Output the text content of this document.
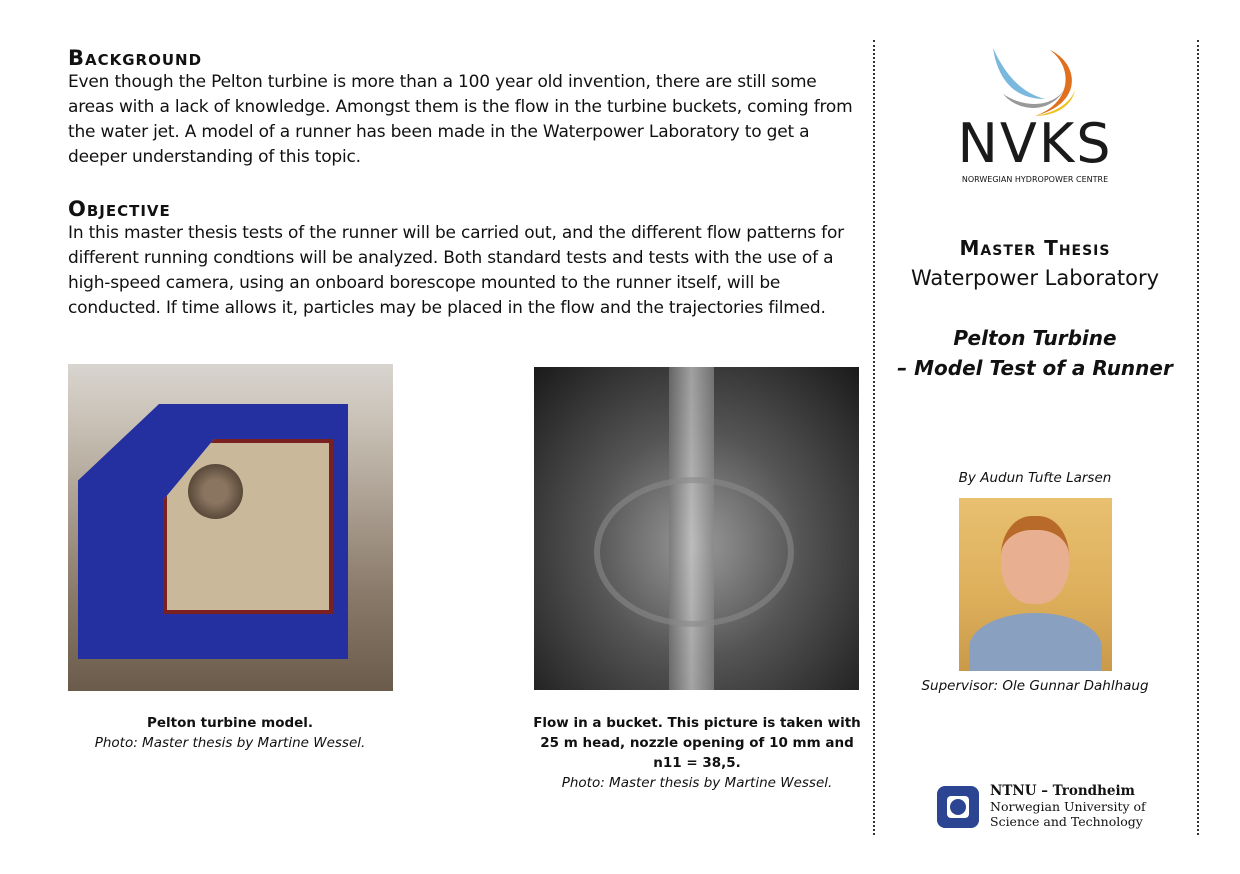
Background

Even though the Pelton turbine is more than a 100 year old invention, there are still some areas with a lack of knowledge. Amongst them is the flow in the turbine buckets, coming from the water jet. A model of a runner has been made in the Waterpower Laboratory to get a deeper understanding of this topic.

Objective

In this master thesis tests of the runner will be carried out, and the different flow patterns for different running condtions will be analyzed. Both standard tests and tests with the use of a high-speed camera, using an onboard borescope mounted to the runner itself, will be conducted. If time allows it, particles may be placed in the flow and the trajectories filmed.

Pelton turbine model.
Photo: Master thesis by Martine Wessel.
Flow in a bucket. This picture is taken with 25 m head, nozzle opening of 10 mm and n11 = 38,5.
Photo: Master thesis by Martine Wessel.
NVKS
NORWEGIAN HYDROPOWER CENTRE
Master Thesis
Waterpower Laboratory
Pelton Turbine
– Model Test of a Runner
By Audun Tufte Larsen
Supervisor: Ole Gunnar Dahlhaug
NTNU – Trondheim
Norwegian University of
Science and Technology
